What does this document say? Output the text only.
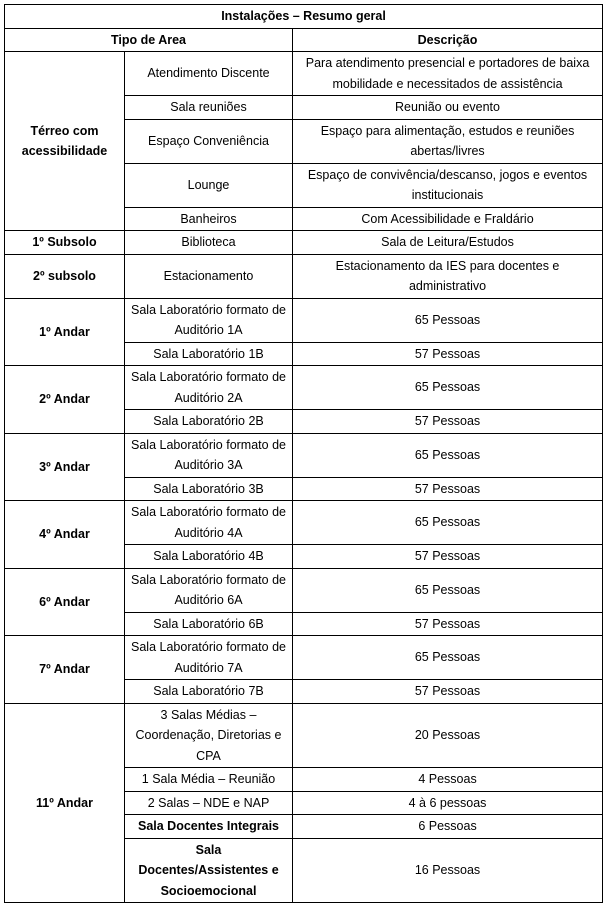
Instalações – Resumo geral		
Tipo de Area		Descrição
Térreo com acessibilidade	Atendimento Discente	Para atendimento presencial e portadores de baixa mobilidade e necessitados de assistência
	Sala reuniões	Reunião ou evento
	Espaço Conveniência	Espaço para alimentação, estudos e reuniões abertas/livres
	Lounge	Espaço de convivência/descanso, jogos e eventos institucionais
	Banheiros	Com Acessibilidade e Fraldário
1º Subsolo	Biblioteca	Sala de Leitura/Estudos
2º subsolo	Estacionamento	Estacionamento da IES para docentes e administrativo
1º Andar	Sala Laboratório formato de Auditório 1A	65 Pessoas
	Sala Laboratório 1B	57 Pessoas
2º Andar	Sala Laboratório formato de Auditório 2A	65 Pessoas
	Sala Laboratório 2B	57 Pessoas
3º Andar	Sala Laboratório formato de Auditório 3A	65 Pessoas
	Sala Laboratório 3B	57 Pessoas
4º Andar	Sala Laboratório formato de Auditório 4A	65 Pessoas
	Sala Laboratório 4B	57 Pessoas
6º Andar	Sala Laboratório formato de Auditório 6A	65 Pessoas
	Sala Laboratório 6B	57 Pessoas
7º Andar	Sala Laboratório formato de Auditório 7A	65 Pessoas
	Sala Laboratório 7B	57 Pessoas
11º Andar	3 Salas Médias – Coordenação, Diretorias e CPA	20 Pessoas
	1 Sala Média – Reunião	4 Pessoas
	2 Salas – NDE e NAP	4 à 6 pessoas
	Sala Docentes Integrais	6 Pessoas
	Sala Docentes/Assistentes e Socioemocional	16 Pessoas
